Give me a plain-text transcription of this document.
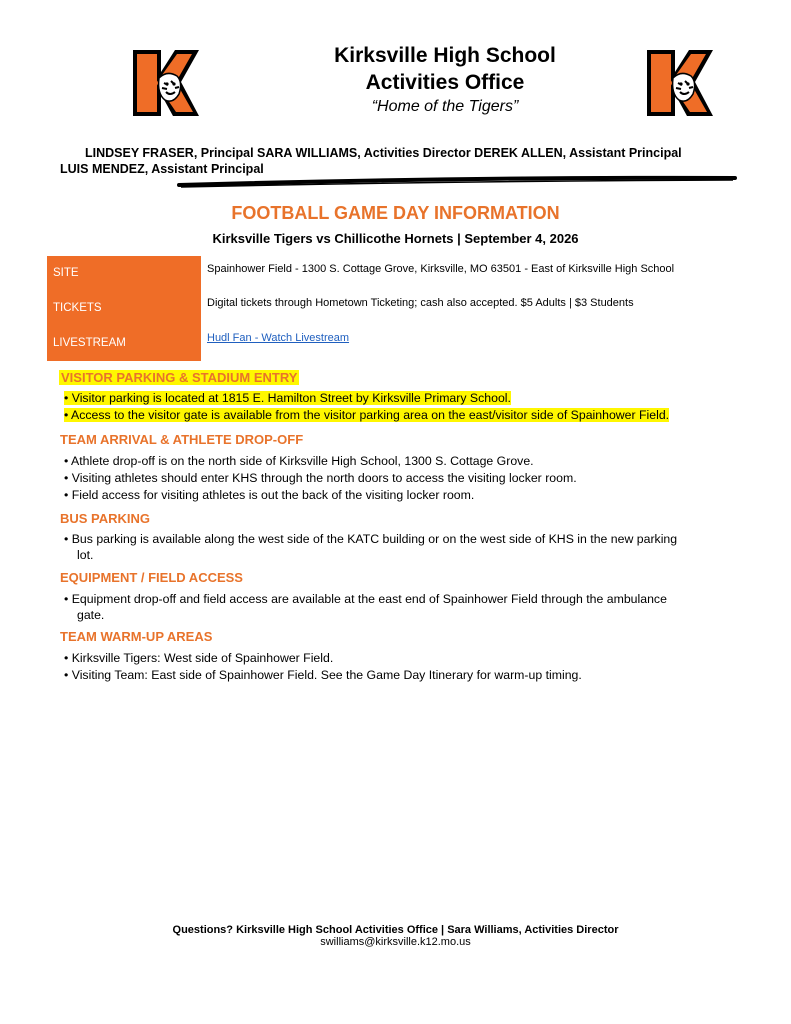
Kirksville High School
Activities Office
“Home of the Tigers”
LINDSEY FRASER, Principal SARA WILLIAMS, Activities Director DEREK ALLEN, Assistant Principal
LUIS MENDEZ, Assistant Principal
FOOTBALL GAME DAY INFORMATION
Kirksville Tigers vs Chillicothe Hornets | September 4, 2026
SITE	Spainhower Field - 1300 S. Cottage Grove, Kirksville, MO 63501 - East of Kirksville High School
TICKETS	Digital tickets through Hometown Ticketing; cash also accepted. $5 Adults | $3 Students
LIVESTREAM	Hudl Fan - Watch Livestream
VISITOR PARKING & STADIUM ENTRY
• Visitor parking is located at 1815 E. Hamilton Street by Kirksville Primary School.
• Access to the visitor gate is available from the visitor parking area on the east/visitor side of Spainhower Field.
TEAM ARRIVAL & ATHLETE DROP-OFF
• Athlete drop-off is on the north side of Kirksville High School, 1300 S. Cottage Grove.
• Visiting athletes should enter KHS through the north doors to access the visiting locker room.
• Field access for visiting athletes is out the back of the visiting locker room.
BUS PARKING
• Bus parking is available along the west side of the KATC building or on the west side of KHS in the new parking
lot.
EQUIPMENT / FIELD ACCESS
• Equipment drop-off and field access are available at the east end of Spainhower Field through the ambulance
gate.
TEAM WARM-UP AREAS
• Kirksville Tigers: West side of Spainhower Field.
• Visiting Team: East side of Spainhower Field. See the Game Day Itinerary for warm-up timing.
Questions? Kirksville High School Activities Office | Sara Williams, Activities Director
swilliams@kirksville.k12.mo.us
